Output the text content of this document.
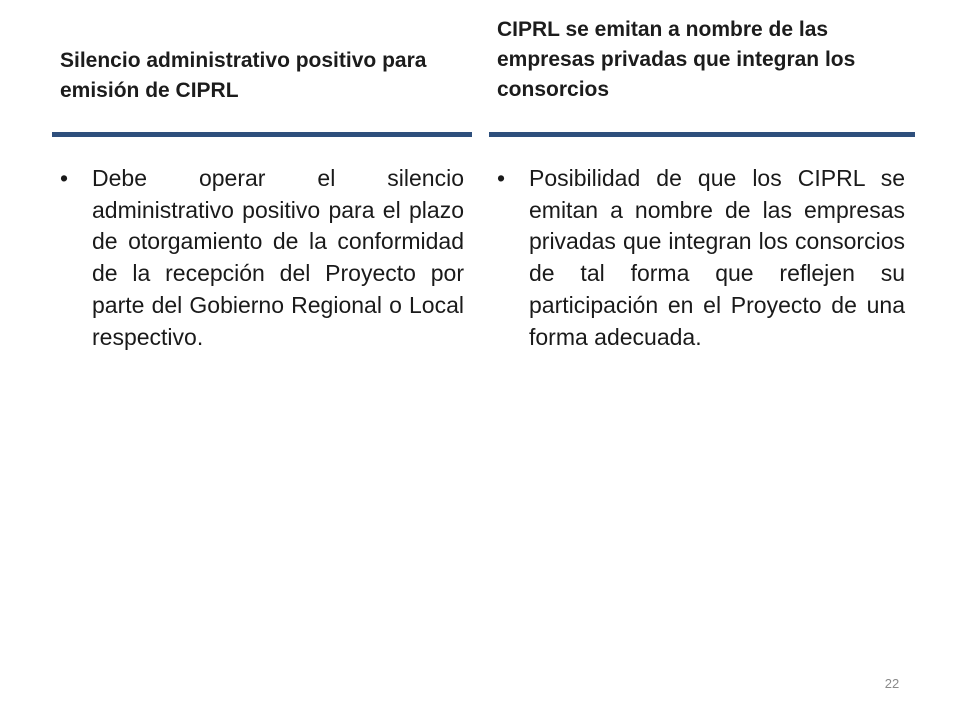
Silencio administrativo positivo para emisión de CIPRL
CIPRL se emitan a nombre de las empresas privadas que integran los consorcios
•	Debe operar el silencio administrativo positivo para el plazo de otorgamiento de la conformidad de la recepción del Proyecto por parte del Gobierno Regional o Local respectivo.
•	Posibilidad de que los CIPRL se emitan a nombre de las empresas privadas que integran los consorcios de tal forma que reflejen su participación en el Proyecto de una forma adecuada.
22
